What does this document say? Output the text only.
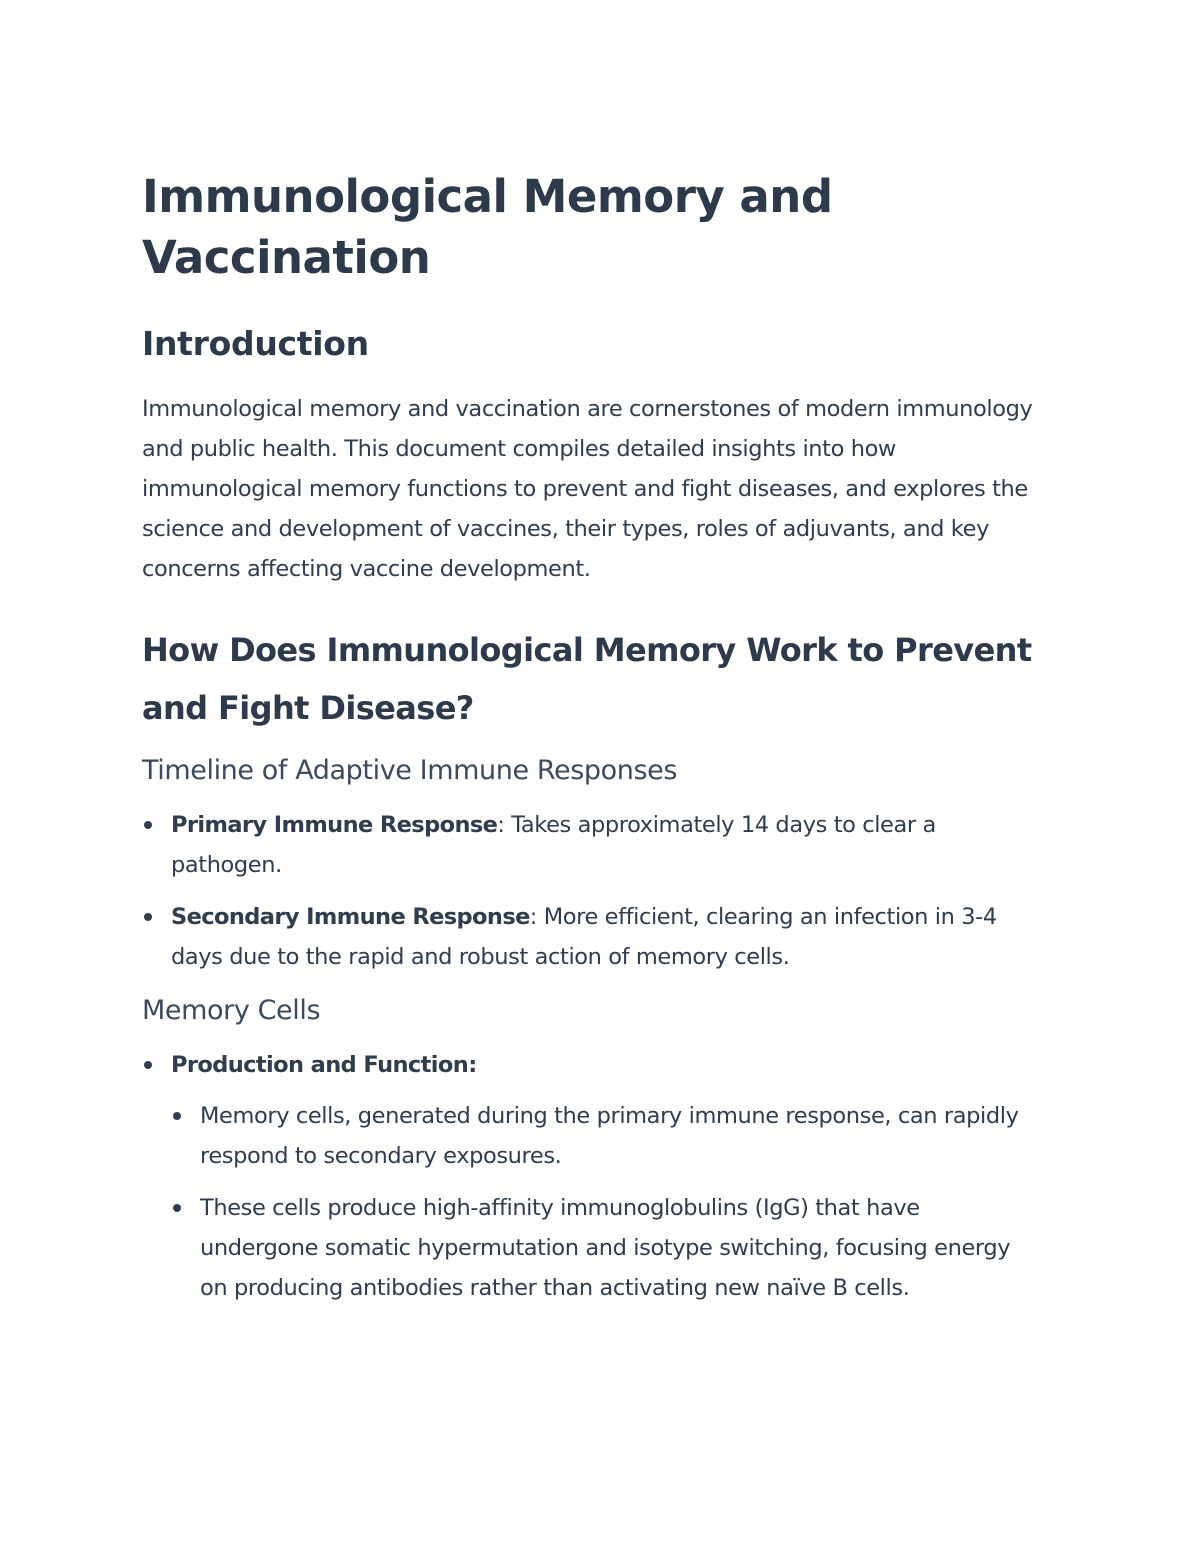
Immunological Memory and Vaccination
Introduction

Immunological memory and vaccination are cornerstones of modern immunology and public health. This document compiles detailed insights into how immunological memory functions to prevent and fight diseases, and explores the science and development of vaccines, their types, roles of adjuvants, and key concerns affecting vaccine development.

How Does Immunological Memory Work to Prevent and Fight Disease?
Timeline of Adaptive Immune Responses
Primary Immune Response: Takes approximately 14 days to clear a pathogen.
Secondary Immune Response: More efficient, clearing an infection in 3-4 days due to the rapid and robust action of memory cells.
Memory Cells
Production and Function:
Memory cells, generated during the primary immune response, can rapidly respond to secondary exposures.
These cells produce high-affinity immunoglobulins (IgG) that have undergone somatic hypermutation and isotype switching, focusing energy on producing antibodies rather than activating new naïve B cells.
